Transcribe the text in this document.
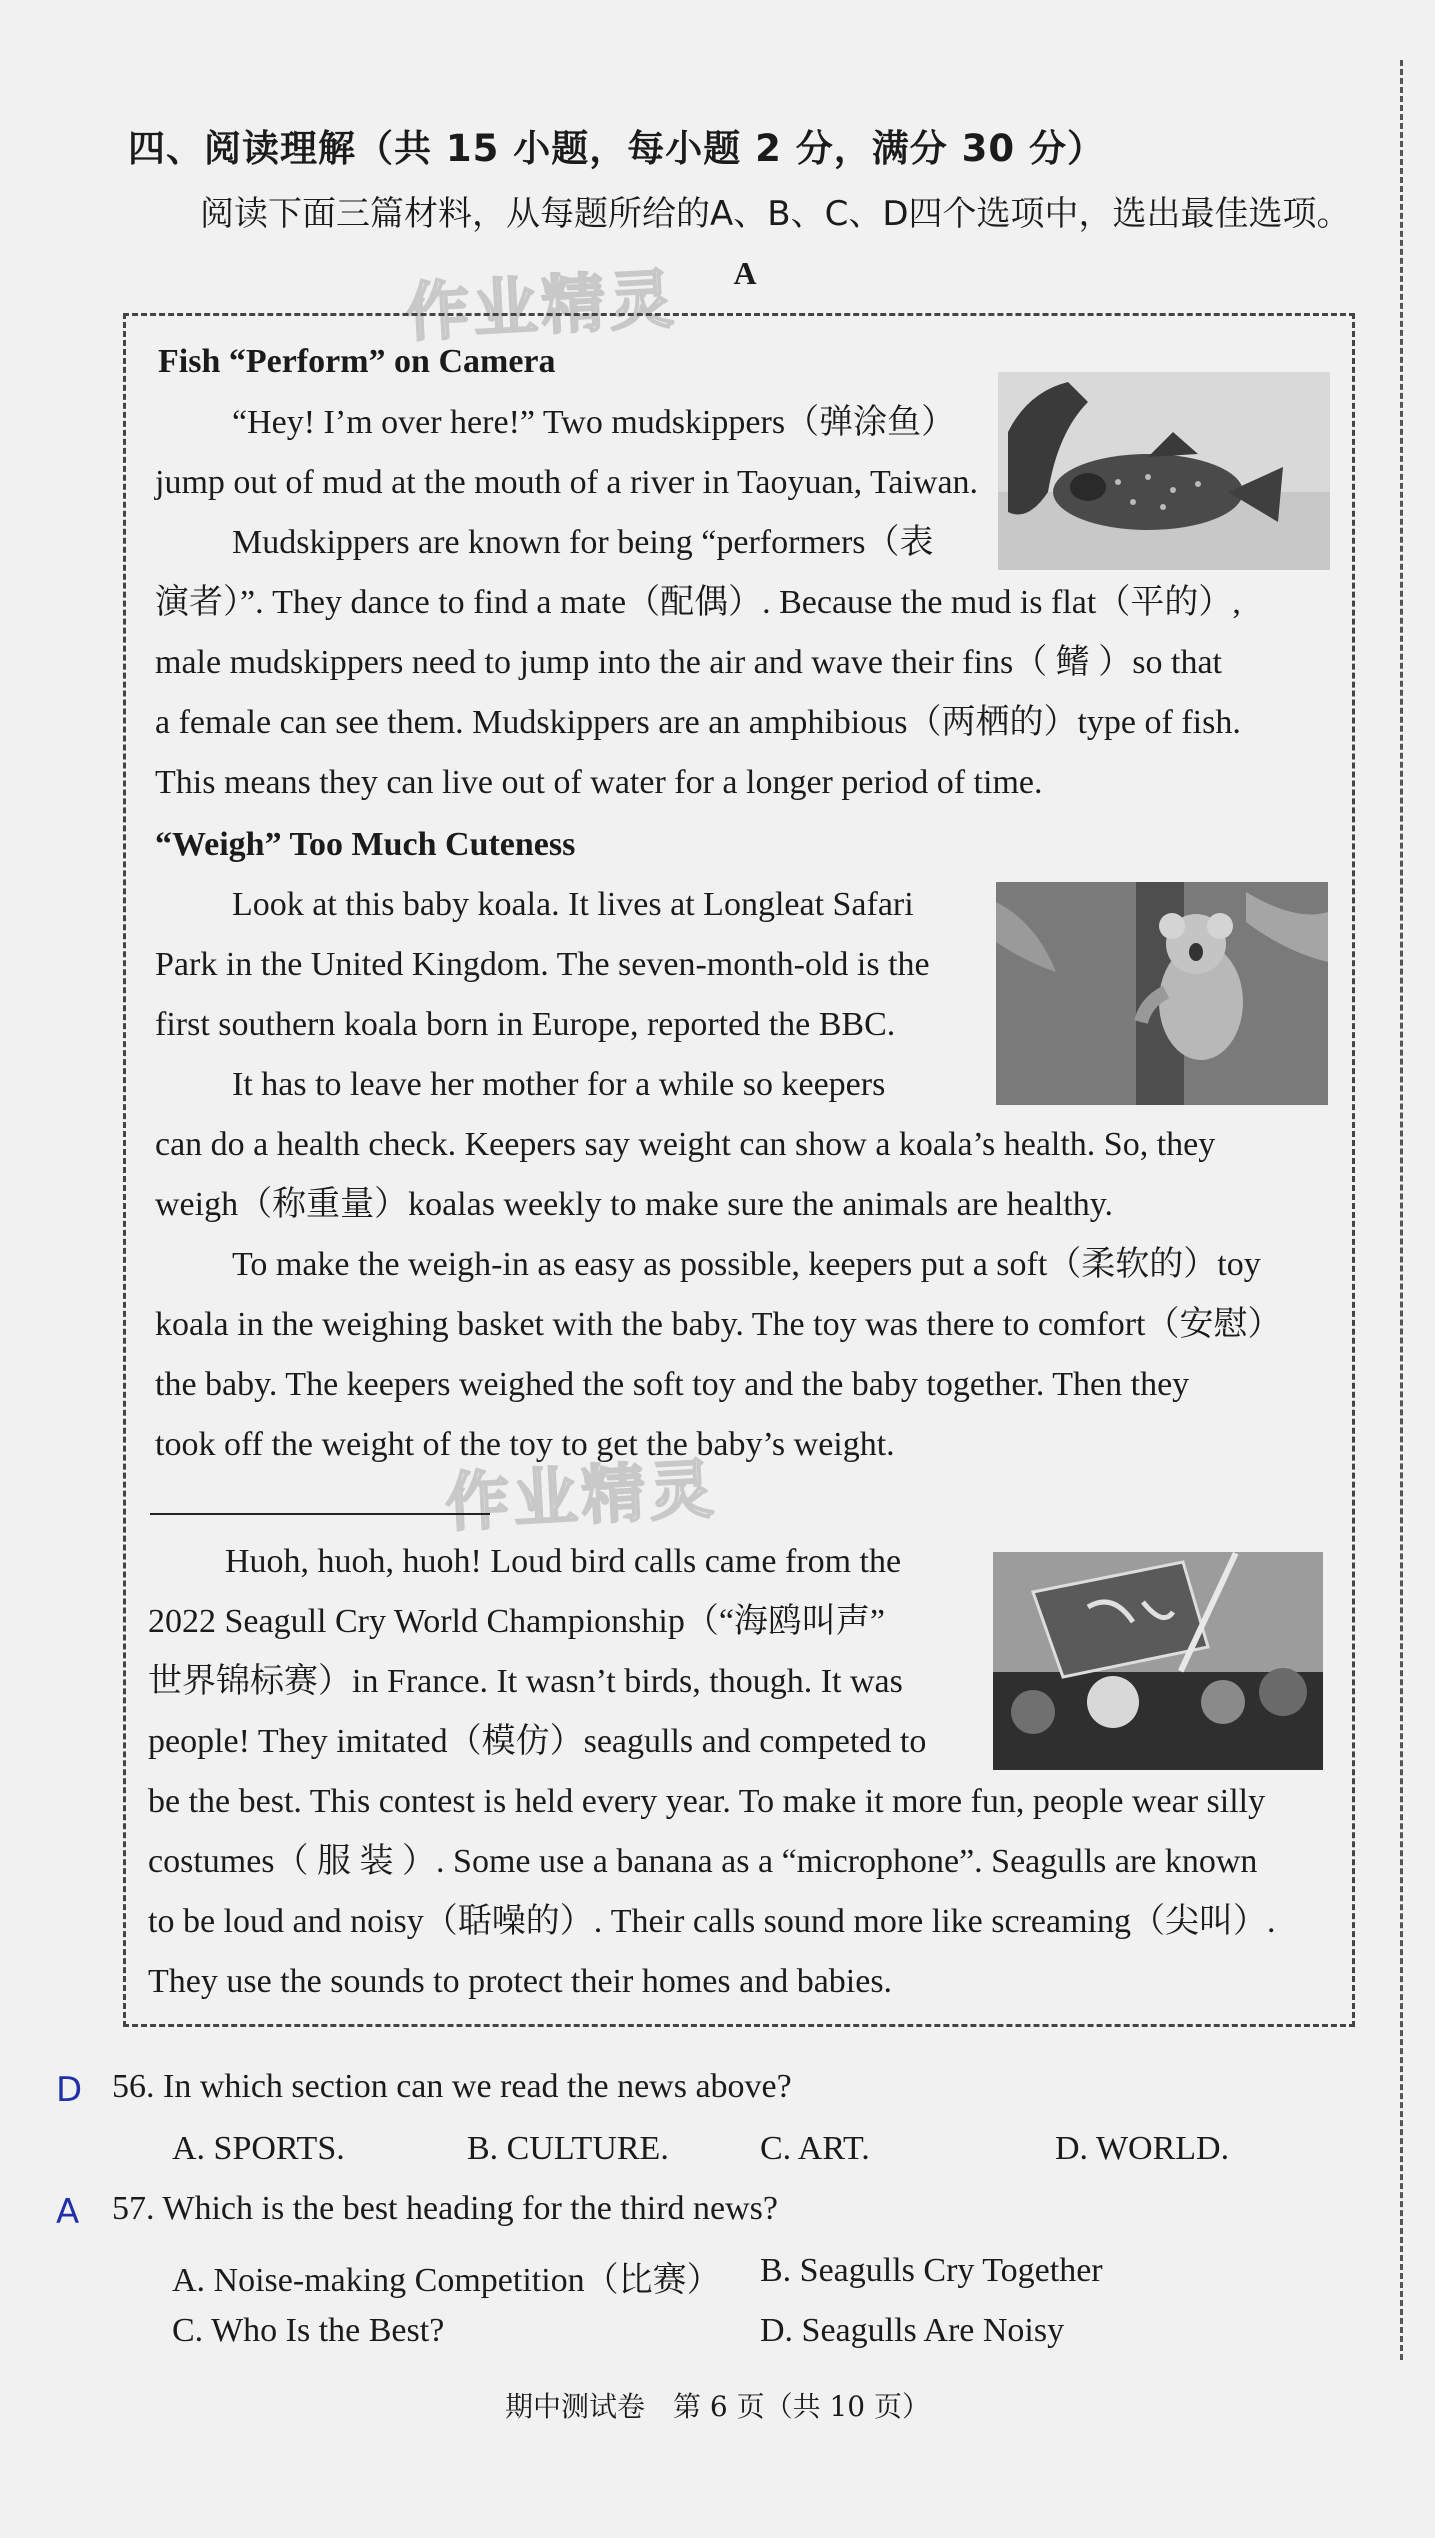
四、阅读理解（共 15 小题，每小题 2 分，满分 30 分）
阅读下面三篇材料，从每题所给的A、B、C、D四个选项中，选出最佳选项。
A
作业精灵
Fish “Perform” on Camera
“Hey! I’m over here!” Two mudskippers（弹涂鱼）
jump out of mud at the mouth of a river in Taoyuan, Taiwan.
Mudskippers are known for being “performers（表
演者）”. They dance to find a mate（配偶）. Because the mud is flat（平的）,
male mudskippers need to jump into the air and wave their fins（ 鳍 ）so that
a female can see them. Mudskippers are an amphibious（两栖的）type of fish.
This means they can live out of water for a longer period of time.
“Weigh” Too Much Cuteness
Look at this baby koala. It lives at Longleat Safari
Park in the United Kingdom. The seven-month-old is the
first southern koala born in Europe, reported the BBC.
It has to leave her mother for a while so keepers
can do a health check. Keepers say weight can show a koala’s health. So, they
weigh（称重量）koalas weekly to make sure the animals are healthy.
To make the weigh-in as easy as possible, keepers put a soft（柔软的）toy
koala in the weighing basket with the baby. The toy was there to comfort（安慰）
the baby. The keepers weighed the soft toy and the baby together. Then they
took off the weight of the toy to get the baby’s weight.
作业精灵
Huoh, huoh, huoh! Loud bird calls came from the
2022 Seagull Cry World Championship（“海鸥叫声”
世界锦标赛）in France. It wasn’t birds, though. It was
people! They imitated（模仿）seagulls and competed to
be the best. This contest is held every year. To make it more fun, people wear silly
costumes（ 服 装 ）. Some use a banana as a “microphone”. Seagulls are known
to be loud and noisy（聒噪的）. Their calls sound more like screaming（尖叫）.
They use the sounds to protect their homes and babies.
D 56. In which section can we read the news above?
A. SPORTS.	B. CULTURE.	C. ART.	D. WORLD.
A 57. Which is the best heading for the third news?
A. Noise-making Competition（比赛） B. Seagulls Cry Together
C. Who Is the Best?	D. Seagulls Are Noisy
期中测试卷　第 6 页（共 10 页）
